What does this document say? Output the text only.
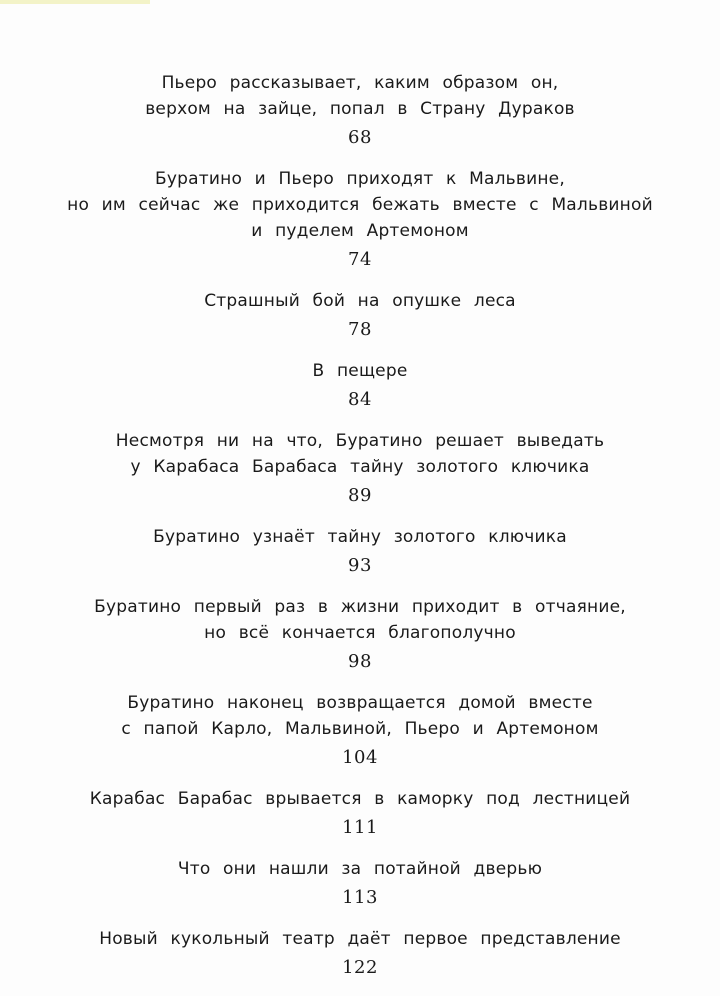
Пьеро рассказывает, каким образом он,
верхом на зайце, попал в Страну Дураков
68
Буратино и Пьеро приходят к Мальвине,
но им сейчас же приходится бежать вместе с Мальвиной
и пуделем Артемоном
74
Страшный бой на опушке леса
78
В пещере
84
Несмотря ни на что, Буратино решает выведать
у Карабаса Барабаса тайну золотого ключика
89
Буратино узнаёт тайну золотого ключика
93
Буратино первый раз в жизни приходит в отчаяние,
но всё кончается благополучно
98
Буратино наконец возвращается домой вместе
с папой Карло, Мальвиной, Пьеро и Артемоном
104
Карабас Барабас врывается в каморку под лестницей
111
Что они нашли за потайной дверью
113
Новый кукольный театр даёт первое представление
122
